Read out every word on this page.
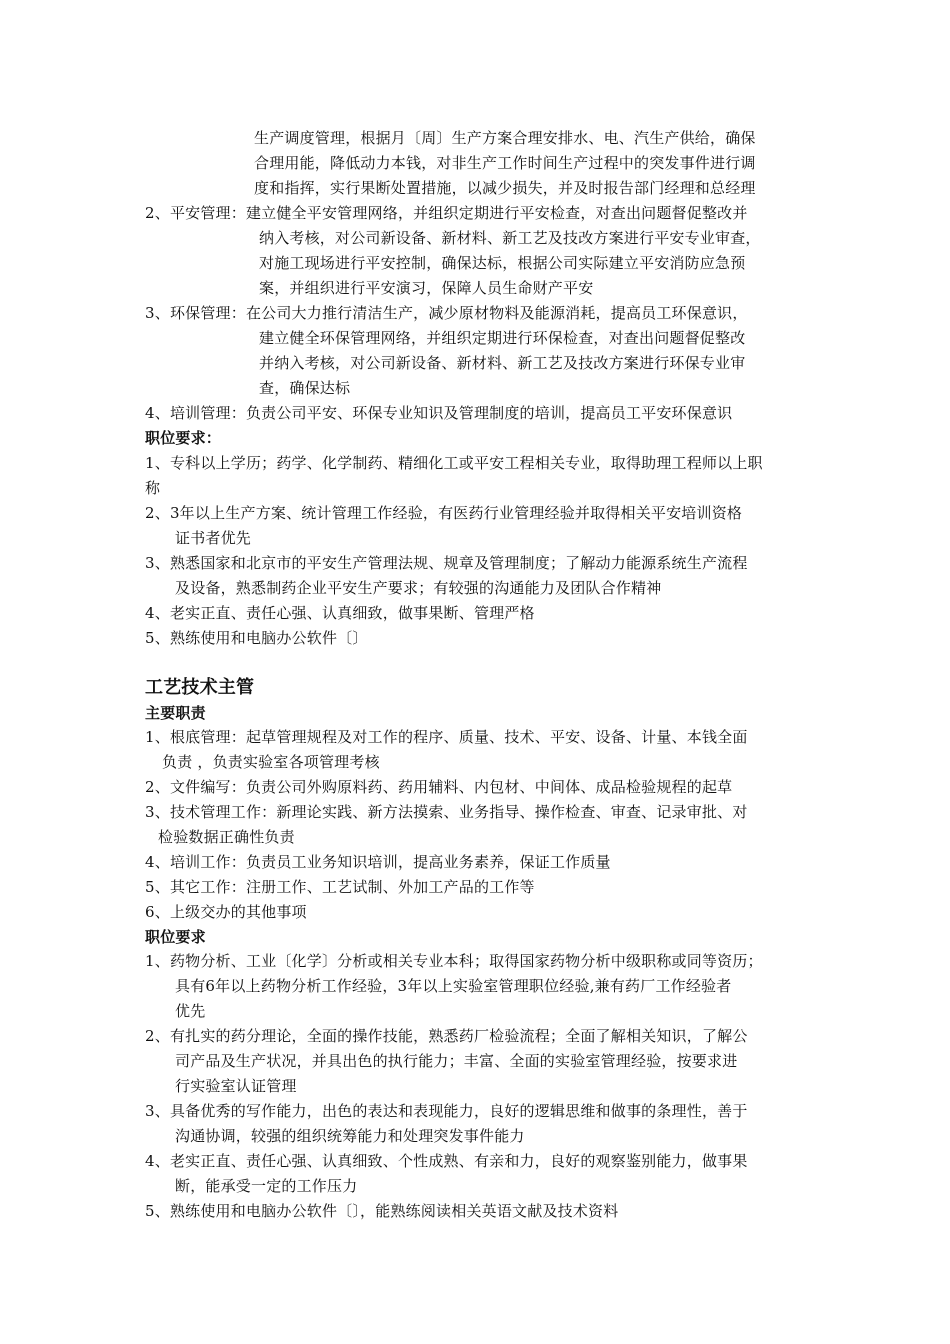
生产调度管理，根据月〔周〕生产方案合理安排水、电、汽生产供给，确保
合理用能，降低动力本钱，对非生产工作时间生产过程中的突发事件进行调
度和指挥，实行果断处置措施，以减少损失，并及时报告部门经理和总经理
2、平安管理：建立健全平安管理网络，并组织定期进行平安检查，对查出问题督促整改并
纳入考核，对公司新设备、新材料、新工艺及技改方案进行平安专业审查，
对施工现场进行平安控制，确保达标，根据公司实际建立平安消防应急预
案，并组织进行平安演习，保障人员生命财产平安
3、环保管理：在公司大力推行清洁生产，减少原材物料及能源消耗，提高员工环保意识，
建立健全环保管理网络，并组织定期进行环保检查，对查出问题督促整改
并纳入考核，对公司新设备、新材料、新工艺及技改方案进行环保专业审
查，确保达标
4、培训管理：负责公司平安、环保专业知识及管理制度的培训，提高员工平安环保意识
职位要求：
1、专科以上学历；药学、化学制药、精细化工或平安工程相关专业，取得助理工程师以上职
称
2、3年以上生产方案、统计管理工作经验，有医药行业管理经验并取得相关平安培训资格
证书者优先
3、熟悉国家和北京市的平安生产管理法规、规章及管理制度；了解动力能源系统生产流程
及设备，熟悉制药企业平安生产要求；有较强的沟通能力及团队合作精神
4、老实正直、责任心强、认真细致，做事果断、管理严格
5、熟练使用和电脑办公软件〔〕
工艺技术主管
主要职责
1、根底管理：起草管理规程及对工作的程序、质量、技术、平安、设备、计量、本钱全面
负责 ，负责实验室各项管理考核
2、文件编写：负责公司外购原料药、药用辅料、内包材、中间体、成品检验规程的起草
3、技术管理工作：新理论实践、新方法摸索、业务指导、操作检查、审查、记录审批、对
检验数据正确性负责
4、培训工作：负责员工业务知识培训，提高业务素养，保证工作质量
5、其它工作：注册工作、工艺试制、外加工产品的工作等
6、上级交办的其他事项
职位要求
1、药物分析、工业〔化学〕分析或相关专业本科；取得国家药物分析中级职称或同等资历；
具有6年以上药物分析工作经验，3年以上实验室管理职位经验,兼有药厂工作经验者
优先
2、有扎实的药分理论，全面的操作技能，熟悉药厂检验流程；全面了解相关知识，了解公
司产品及生产状况，并具出色的执行能力；丰富、全面的实验室管理经验，按要求进
行实验室认证管理
3、具备优秀的写作能力，出色的表达和表现能力，良好的逻辑思维和做事的条理性，善于
沟通协调，较强的组织统筹能力和处理突发事件能力
4、老实正直、责任心强、认真细致、个性成熟、有亲和力，良好的观察鉴别能力，做事果
断，能承受一定的工作压力
5、熟练使用和电脑办公软件〔〕，能熟练阅读相关英语文献及技术资料
